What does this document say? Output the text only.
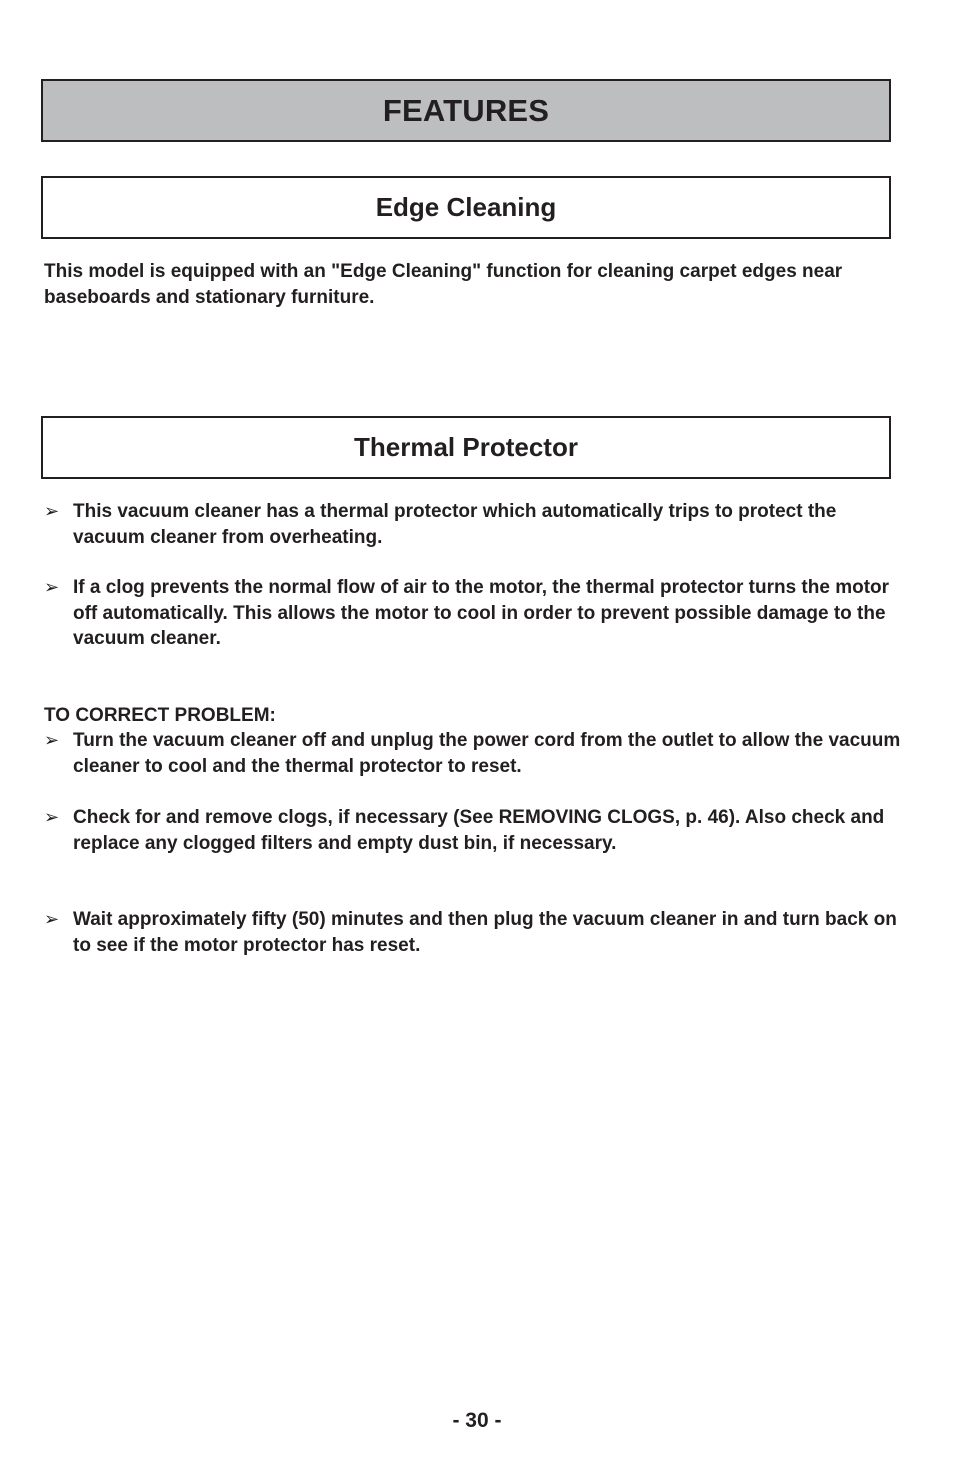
FEATURES
Edge Cleaning

This model is equipped with an "Edge Cleaning" function for cleaning carpet edges near baseboards and stationary furniture.

Thermal Protector
➢ This vacuum cleaner has a thermal protector which automatically trips to protect the vacuum cleaner from overheating.
➢ If a clog prevents the normal flow of air to the motor, the thermal protector turns the motor off automatically. This allows the motor to cool in order to prevent possible damage to the vacuum cleaner.

TO CORRECT PROBLEM:

➢ Turn the vacuum cleaner off and unplug the power cord from the outlet to allow the vacuum cleaner to cool and the thermal protector to reset.
➢ Check for and remove clogs, if necessary (See REMOVING CLOGS, p. 46). Also check and replace any clogged filters and empty dust bin, if necessary.
➢ Wait approximately fifty (50) minutes and then plug the vacuum cleaner in and turn back on to see if the motor protector has reset.
- 30 -
